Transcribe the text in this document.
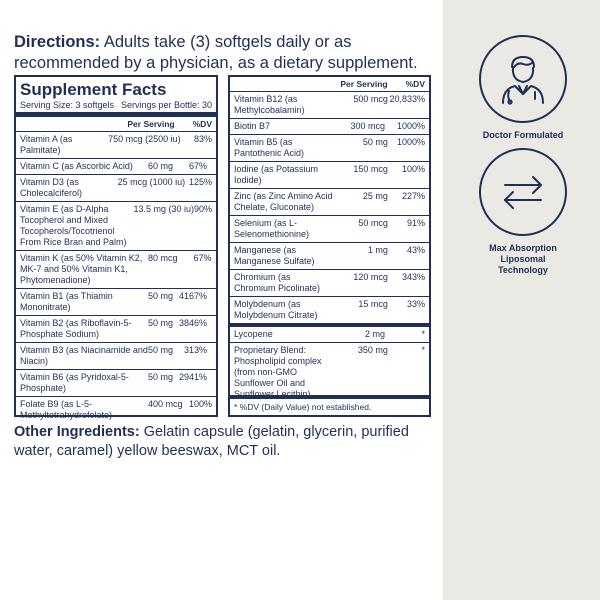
Directions: Adults take (3) softgels daily or as recommended by a physician, as a dietary supplement.

Supplement Facts
Serving Size: 3 softgels Servings per Bottle: 30
Per Serving %DV
Vitamin A (as Palmitate)
750 mcg (2500 iu)	83%
Vitamin C (as Ascorbic Acid)	60 mg	67%
Vitamin D3 (as Cholecalciferol)
25 mcg (1000 iu) 125%
Vitamin E (as D-Alpha Tocopherol and Mixed Tocopherols/Tocotrienol From Rice Bran and Palm)
13.5 mg (30 iu) 90%
Vitamin K (as 50% Vitamin K2, MK-7 and 50% Vitamin K1, Phytomenadione)
80 mcg	67%
Vitamin B1 (as Thiamin Mononitrate)
50 mg 4167%
Vitamin B2 (as Riboflavin-5-Phosphate Sodium)
50 mg 3846%
Vitamin B3 (as Niacinamide and Niacin)
50 mg	313%
Vitamin B6 (as Pyridoxal-5-Phosphate)
50 mg 2941%
Folate B9 (as L-5-Methyltetrahydrofolate)
400 mcg 100%
Per Serving %DV
Vitamin B12 (as Methylcobalamin)
500 mcg 20,833%
Biotin B7	300 mcg	1000%
Vitamin B5 (as Pantothenic Acid)
50 mg	1000%
Iodine (as Potassium Iodide)
150 mcg	100%
Zinc (as Zinc Amino Acid Chelate, Gluconate)
25 mg	227%
Selenium (as L-Selenomethionine)
50 mcg	91%
Manganese (as Manganese Sulfate)
1 mg	43%
Chromium (as Chromium Picolinate)
120 mcg	343%
Molybdenum (as Molybdenum Citrate)
15 mcg	33%
Lycopene	2 mg	*
Proprietary Blend: Phospholipid complex (from non-GMO Sunflower Oil and Sunflower Lecithin)
350 mg	*
* %DV (Daily Value) not established.

Other Ingredients: Gelatin capsule (gelatin, glycerin, purified water, caramel) yellow beeswax, MCT oil.

Doctor Formulated
Max Absorption Liposomal Technology
